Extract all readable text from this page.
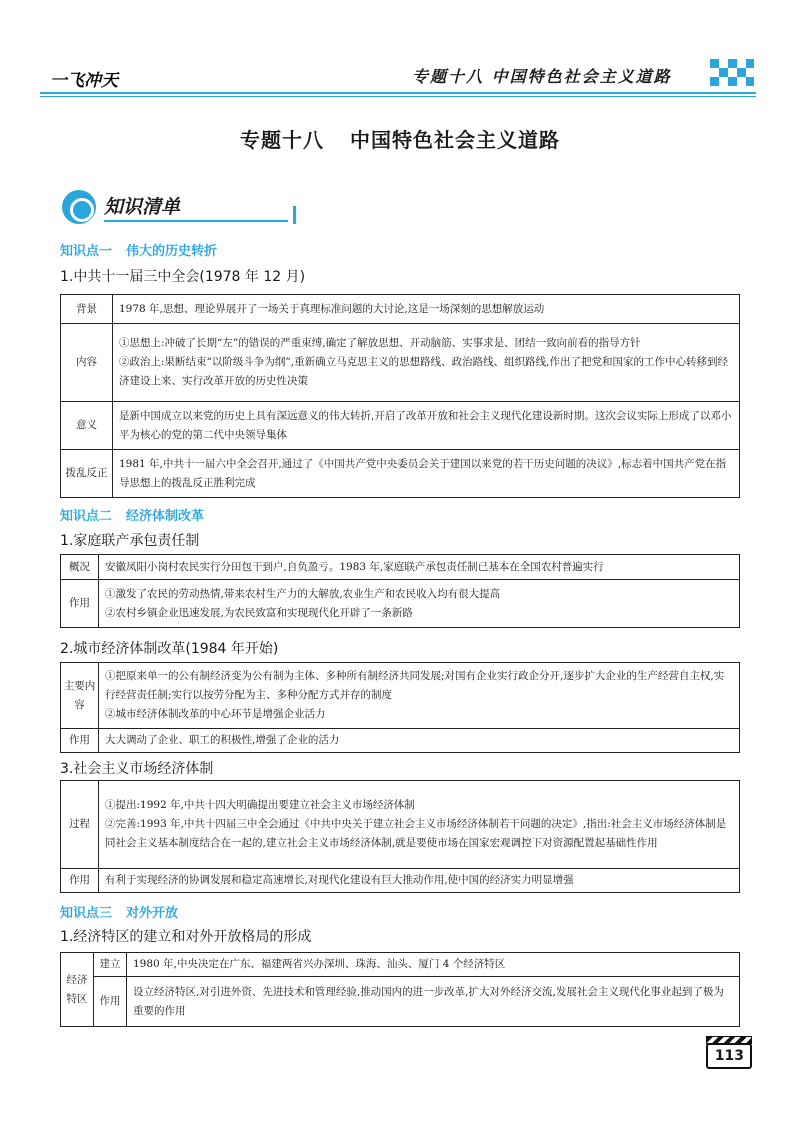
一飞冲天	专题十八 中国特色社会主义道路
专题十八 中国特色社会主义道路
知识清单
知识点一 伟大的历史转折
1.中共十一届三中全会(1978 年 12 月)
背景	1978 年,思想、理论界展开了一场关于真理标准问题的大讨论,这是一场深刻的思想解放运动

内容	①思想上:冲破了长期“左”的错误的严重束缚,确定了解放思想、开动脑筋、实事求是、团结一致向前看的指导方针
②政治上:果断结束“以阶级斗争为纲”,重新确立马克思主义的思想路线、政治路线、组织路线,作出了把党和国家的工作中心转移到经济建设上来、实行改革开放的历史性决策

意义	是新中国成立以来党的历史上具有深远意义的伟大转折,开启了改革开放和社会主义现代化建设新时期。这次会议实际上形成了以邓小平为核心的党的第二代中央领导集体

拨乱反正	1981 年,中共十一届六中全会召开,通过了《中国共产党中央委员会关于建国以来党的若干历史问题的决议》,标志着中国共产党在指导思想上的拨乱反正胜利完成
知识点二 经济体制改革
1.家庭联产承包责任制
概况	安徽凤阳小岗村农民实行分田包干到户,自负盈亏。1983 年,家庭联产承包责任制已基本在全国农村普遍实行

作用	①激发了农民的劳动热情,带来农村生产力的大解放,农业生产和农民收入均有很大提高
②农村乡镇企业迅速发展,为农民致富和实现现代化开辟了一条新路
2.城市经济体制改革(1984 年开始)
主要内容	①把原来单一的公有制经济变为公有制为主体、多种所有制经济共同发展;对国有企业实行政企分开,逐步扩大企业的生产经营自主权,实行经营责任制;实行以按劳分配为主、多种分配方式并存的制度
②城市经济体制改革的中心环节是增强企业活力

作用	大大调动了企业、职工的积极性,增强了企业的活力
3.社会主义市场经济体制
过程	①提出:1992 年,中共十四大明确提出要建立社会主义市场经济体制
②完善:1993 年,中共十四届三中全会通过《中共中央关于建立社会主义市场经济体制若干问题的决定》,指出:社会主义市场经济体制是同社会主义基本制度结合在一起的,建立社会主义市场经济体制,就是要使市场在国家宏观调控下对资源配置起基础性作用

作用	有利于实现经济的协调发展和稳定高速增长,对现代化建设有巨大推动作用,使中国的经济实力明显增强
知识点三 对外开放
1.经济特区的建立和对外开放格局的形成
经济特区	建立	1980 年,中央决定在广东、福建两省兴办深圳、珠海、汕头、厦门 4 个经济特区

	作用	设立经济特区,对引进外资、先进技术和管理经验,推动国内的进一步改革,扩大对外经济交流,发展社会主义现代化事业起到了极为重要的作用
113
